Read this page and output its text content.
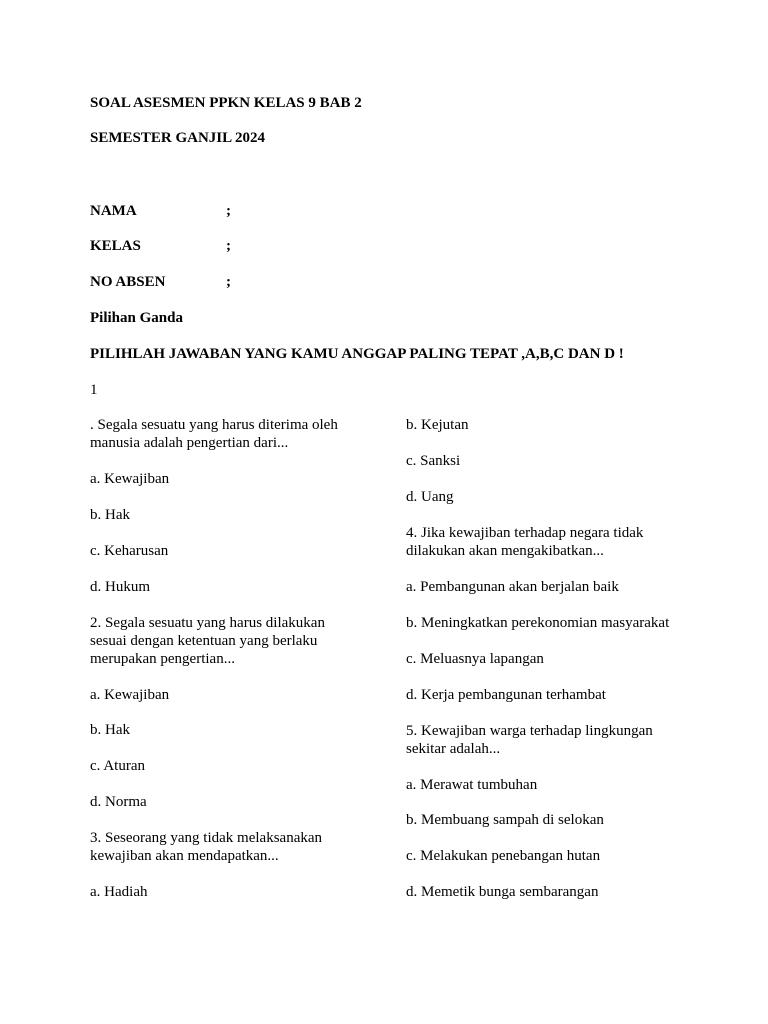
SOAL ASESMEN PPKN KELAS 9 BAB 2
SEMESTER GANJIL 2024
NAMA	;
KELAS	;
NO ABSEN	;
Pilihan Ganda
PILIHLAH JAWABAN YANG KAMU ANGGAP PALING TEPAT ,A,B,C DAN D !
1
. Segala sesuatu yang harus diterima oleh manusia adalah pengertian dari...
a. Kewajiban
b. Hak
c. Keharusan
d. Hukum
2. Segala sesuatu yang harus dilakukan sesuai dengan ketentuan yang berlaku merupakan pengertian...
a. Kewajiban
b. Hak
c. Aturan
d. Norma
3. Seseorang yang tidak melaksanakan kewajiban akan mendapatkan...
a. Hadiah
b. Kejutan
c. Sanksi
d. Uang
4. Jika kewajiban terhadap negara tidak dilakukan akan mengakibatkan...
a. Pembangunan akan berjalan baik
b. Meningkatkan perekonomian masyarakat
c. Meluasnya lapangan
d. Kerja pembangunan terhambat
5. Kewajiban warga terhadap lingkungan sekitar adalah...
a. Merawat tumbuhan
b. Membuang sampah di selokan
c. Melakukan penebangan hutan
d. Memetik bunga sembarangan
